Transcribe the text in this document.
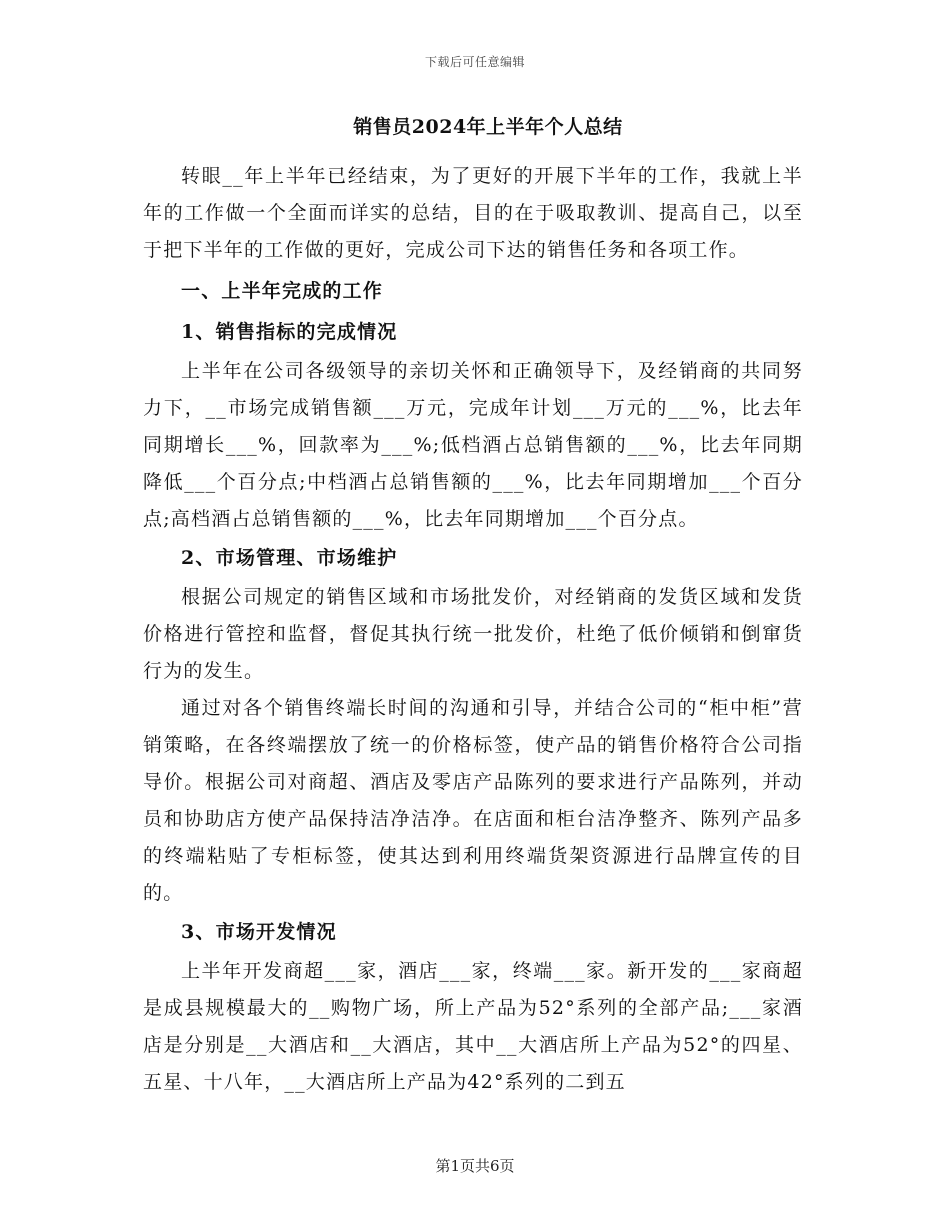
下载后可任意编辑
销售员2024年上半年个人总结

转眼__年上半年已经结束，为了更好的开展下半年的工作，我就上半年的工作做一个全面而详实的总结，目的在于吸取教训、提高自己，以至于把下半年的工作做的更好，完成公司下达的销售任务和各项工作。

一、上半年完成的工作
1、销售指标的完成情况

上半年在公司各级领导的亲切关怀和正确领导下，及经销商的共同努力下，__市场完成销售额___万元，完成年计划___万元的___%，比去年同期增长___%，回款率为___%;低档酒占总销售额的___%，比去年同期降低___个百分点;中档酒占总销售额的___%，比去年同期增加___个百分点;高档酒占总销售额的___%，比去年同期增加___个百分点。

2、市场管理、市场维护

根据公司规定的销售区域和市场批发价，对经销商的发货区域和发货价格进行管控和监督，督促其执行统一批发价，杜绝了低价倾销和倒窜货行为的发生。

通过对各个销售终端长时间的沟通和引导，并结合公司的“柜中柜”营销策略，在各终端摆放了统一的价格标签，使产品的销售价格符合公司指导价。根据公司对商超、酒店及零店产品陈列的要求进行产品陈列，并动员和协助店方使产品保持洁净洁净。在店面和柜台洁净整齐、陈列产品多的终端粘贴了专柜标签，使其达到利用终端货架资源进行品牌宣传的目的。

3、市场开发情况

上半年开发商超___家，酒店___家，终端___家。新开发的___家商超是成县规模最大的__购物广场，所上产品为52°系列的全部产品;___家酒店是分别是__大酒店和__大酒店，其中__大酒店所上产品为52°的四星、五星、十八年，__大酒店所上产品为42°系列的二到五

第1页共6页
